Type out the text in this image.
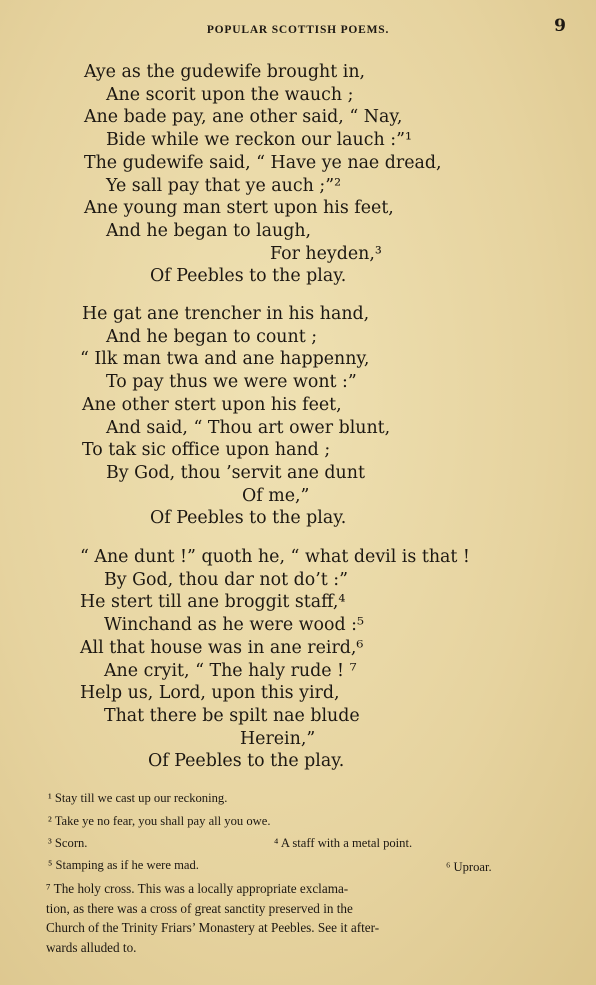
POPULAR SCOTTISH POEMS.	9
Aye as the gudewife brought in,
Ane scorit upon the wauch ;
Ane bade pay, ane other said, “ Nay,
Bide while we reckon our lauch :”¹
The gudewife said, “ Have ye nae dread,
Ye sall pay that ye auch ;”²
Ane young man stert upon his feet,
And he began to laugh,
For heyden,³
Of Peebles to the play.
He gat ane trencher in his hand,
And he began to count ;
“ Ilk man twa and ane happenny,
To pay thus we were wont :”
Ane other stert upon his feet,
And said, “ Thou art ower blunt,
To tak sic office upon hand ;
By God, thou ’servit ane dunt
Of me,”
Of Peebles to the play.
“ Ane dunt !” quoth he, “ what devil is that !
By God, thou dar not do’t :”
He stert till ane broggit staff,⁴
Winchand as he were wood :⁵
All that house was in ane reird,⁶
Ane cryit, “ The haly rude ! ⁷
Help us, Lord, upon this yird,
That there be spilt nae blude
Herein,”
Of Peebles to the play.
¹ Stay till we cast up our reckoning.
² Take ye no fear, you shall pay all you owe.
³ Scorn.	⁴ A staff with a metal point.
⁵ Stamping as if he were mad.	⁶ Uproar.
⁷ The holy cross. This was a locally appropriate exclama-
tion, as there was a cross of great sanctity preserved in the
Church of the Trinity Friars’ Monastery at Peebles. See it after-
wards alluded to.
